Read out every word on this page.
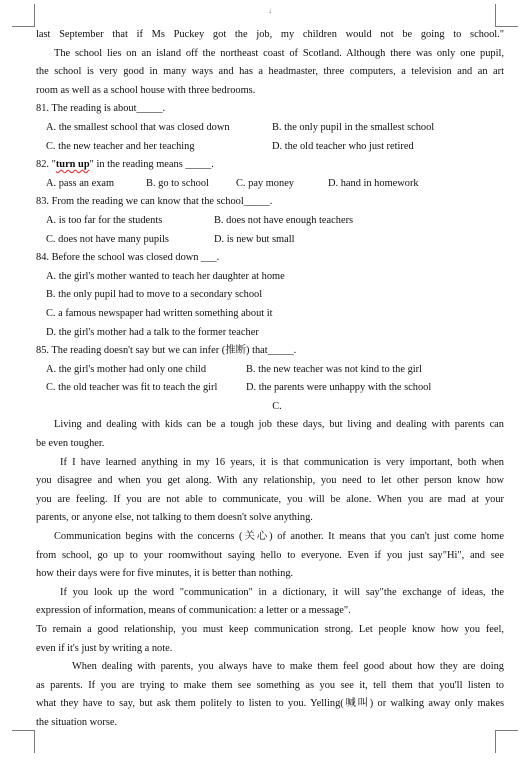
↓
last September that if Ms Puckey got the job, my children would not be going to school."
The school lies on an island off the northeast coast of Scotland. Although there was only one pupil,
the school is very good in many ways and has a headmaster, three computers, a television and an art
room as well as a school house with three bedrooms.
81. The reading is about_____.
A. the smallest school that was closed down	B. the only pupil in the smallest school
C. the new teacher and her teaching	D. the old teacher who just retired
82. "turn up" in the reading means _____.
A. pass an exam	B. go to school	C. pay money	D. hand in homework
83. From the reading we can know that the school_____.
A. is too far for the students	B. does not have enough teachers
C. does not have many pupils	D. is new but small
84. Before the school was closed down ___.
A. the girl's mother wanted to teach her daughter at home
B. the only pupil had to move to a secondary school
C. a famous newspaper had written something about it
D. the girl's mother had a talk to the former teacher
85. The reading doesn't say but we can infer (推断) that_____.
A. the girl's mother had only one child	B. the new teacher was not kind to the girl
C. the old teacher was fit to teach the girl	D. the parents were unhappy with the school
C.
Living and dealing with kids can be a tough job these days, but living and dealing with parents can
be even tougher.
If I have learned anything in my 16 years, it is that communication is very important, both when
you disagree and when you get along. With any relationship, you need to let other person know how
you are feeling. If you are not able to communicate, you will be alone. When you are mad at your
parents, or anyone else, not talking to them doesn't solve anything.
Communication begins with the concerns (关心) of another. It means that you can't just come home
from school, go up to your roomwithout saying hello to everyone. Even if you just say"Hi", and see
how their days were for five minutes, it is better than nothing.
If you look up the word "communication" in a dictionary, it will say"the exchange of ideas, the
expression of information, means of communication: a letter or a message".
To remain a good relationship, you must keep communication strong. Let people know how you feel,
even if it's just by writing a note.
When dealing with parents, you always have to make them feel good about how they are doing
as parents. If you are trying to make them see something as you see it, tell them that you'll listen to
what they have to say, but ask them politely to listen to you. Yelling(喊叫) or walking away only makes
the situation worse.
